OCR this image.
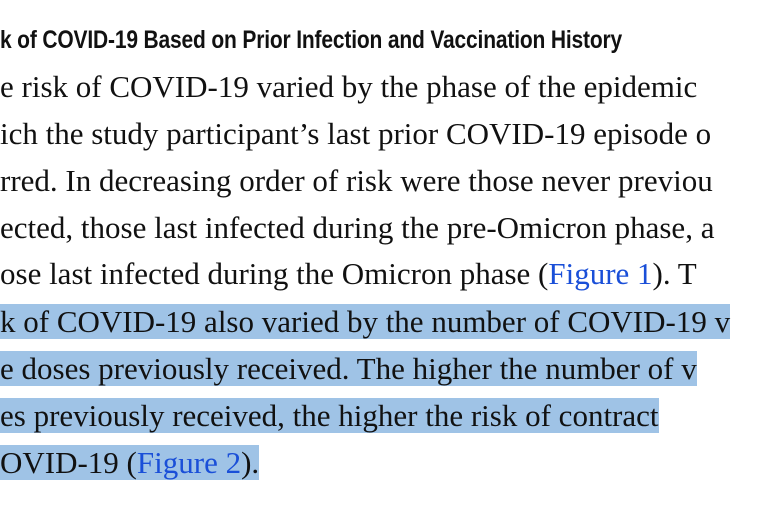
k of COVID-19 Based on Prior Infection and Vaccination History
e risk of COVID-19 varied by the phase of the epidemic
ich the study participant’s last prior COVID-19 episode o
rred. In decreasing order of risk were those never previou
ected, those last infected during the pre-Omicron phase, a
ose last infected during the Omicron phase (Figure 1). T
k of COVID-19 also varied by the number of COVID-19 v
e doses previously received. The higher the number of v
es previously received, the higher the risk of contract
OVID-19 (Figure 2).
